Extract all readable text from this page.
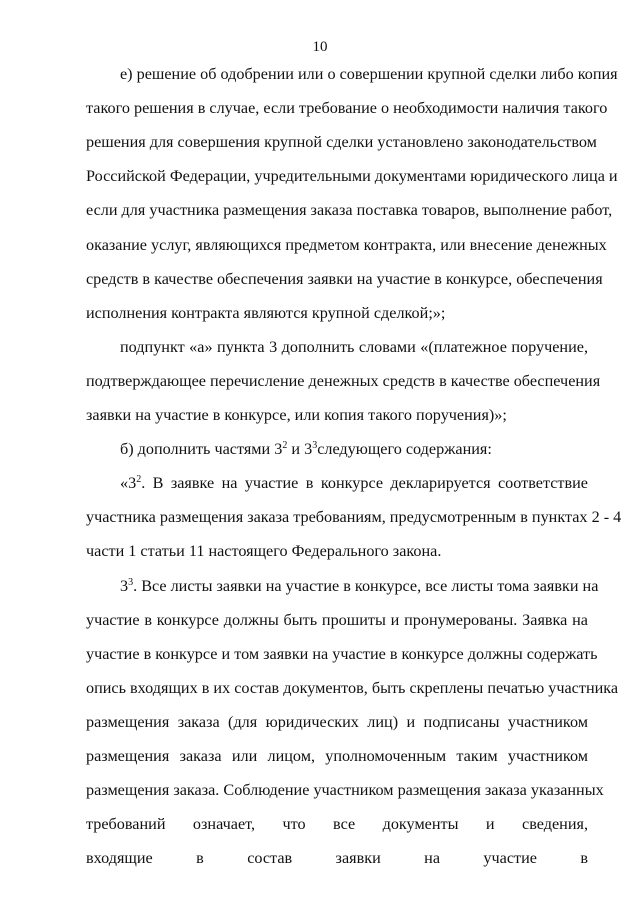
10
е) решение об одобрении или о совершении крупной сделки либо копия
такого решения в случае, если требование о необходимости наличия такого
решения для совершения крупной сделки установлено законодательством
Российской Федерации, учредительными документами юридического лица и
если для участника размещения заказа поставка товаров, выполнение работ,
оказание услуг, являющихся предметом контракта, или внесение денежных
средств в качестве обеспечения заявки на участие в конкурсе, обеспечения
исполнения контракта являются крупной сделкой;»;
подпункт «а» пункта 3 дополнить словами «(платежное поручение,
подтверждающее перечисление денежных средств в качестве обеспечения
заявки на участие в конкурсе, или копия такого поручения)»;
б) дополнить частями $3^2$ и $3^3следующего$ содержания:
«$3^2$. В заявке на участие в конкурсе декларируется соответствие
участника размещения заказа требованиям, предусмотренным в пунктах 2 - 4
части 1 статьи 11 настоящего Федерального закона.
$3^3$. Все листы заявки на участие в конкурсе, все листы тома заявки на
участие в конкурсе должны быть прошиты и пронумерованы. Заявка на
участие в конкурсе и том заявки на участие в конкурсе должны содержать
опись входящих в их состав документов, быть скреплены печатью участника
размещения заказа (для юридических лиц) и подписаны участником
размещения заказа или лицом, уполномоченным таким участником
размещения заказа. Соблюдение участником размещения заказа указанных
требований означает, что все документы и сведения,
входящие в состав заявки на участие в
